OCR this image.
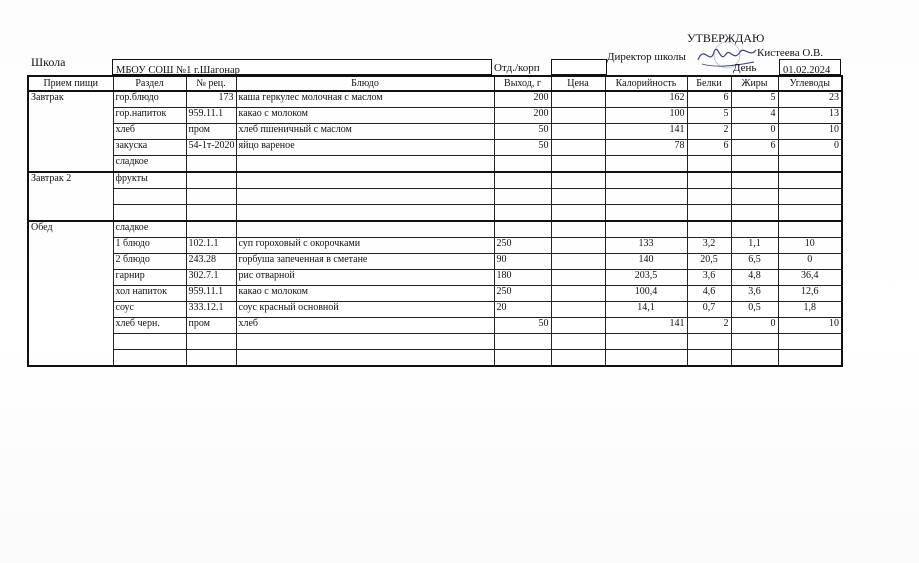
УТВЕРЖДАЮ
Директор школы	Кистеева О.В.
День	01.02.2024
Школа
МБОУ СОШ №1 г.Шагонар	Отд./корп
Прием пищи	Раздел	№ рец.	Блюдо	Выход, г	Цена	Калорийность	Белки	Жиры	Углеводы
Завтрак	гор.блюдо	173	каша геркулес молочная с маслом	200		162	6	5	23
	гор.напиток	959.11.1	какао с молоком	200		100	5	4	13
	хлеб	пром	хлеб пшеничный с маслом	50		141	2	0	10
	закуска	54-1т-2020	яйцо вареное	50		78	6	6	0
	сладкое								
Завтрак 2	фрукты								

Обед	сладкое								
	1 блюдо	102.1.1	суп гороховый с окорочками	250		133	3,2	1,1	10
	2 блюдо	243.28	горбуша запеченная в сметане	90		140	20,5	6,5	0
	гарнир	302.7.1	рис отварной	180		203,5	3,6	4,8	36,4
	хол напиток	959.11.1	какао с молоком	250		100,4	4,6	3,6	12,6
	соус	333.12.1	соус красный основной	20		14,1	0,7	0,5	1,8
	хлеб черн.	пром	хлеб	50		141	2	0	10
